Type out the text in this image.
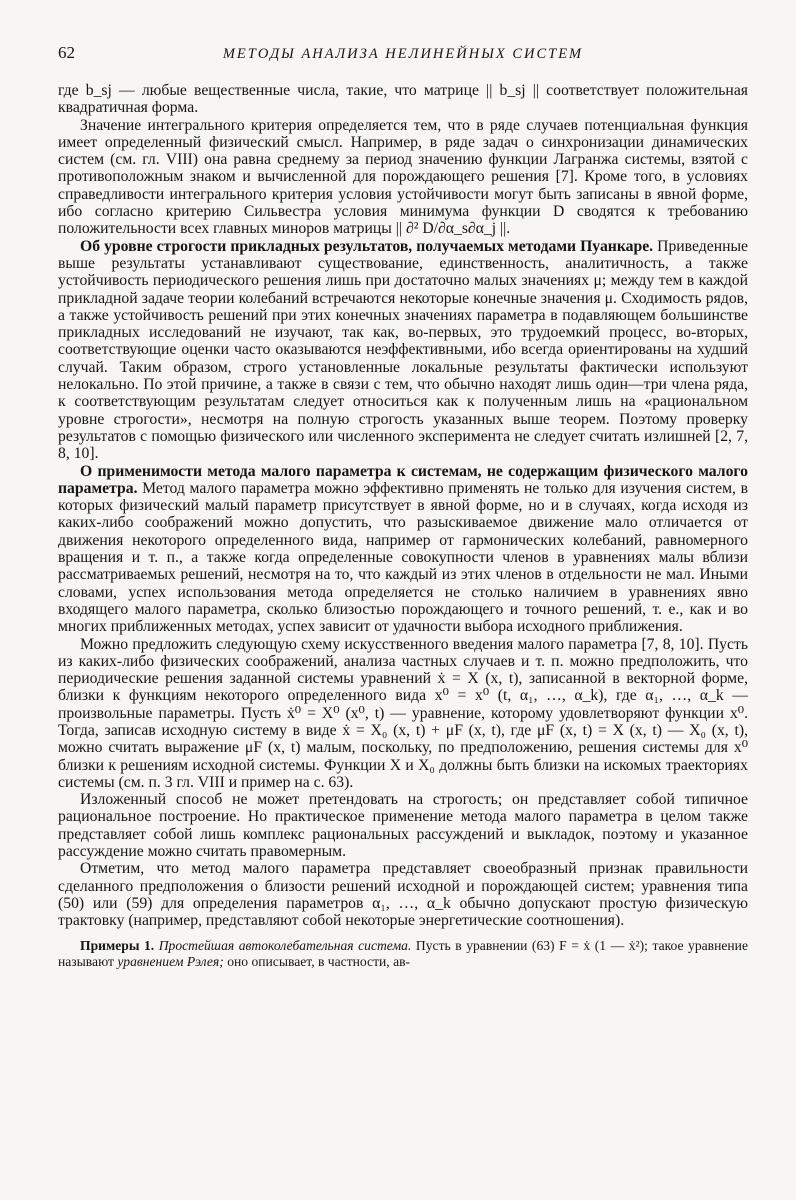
62	МЕТОДЫ АНАЛИЗА НЕЛИНЕЙНЫХ СИСТЕМ

где b_sj — любые вещественные числа, такие, что матрице || b_sj || соответствует положительная квадратичная форма.

Значение интегрального критерия определяется тем, что в ряде случаев потенциальная функция имеет определенный физический смысл. Например, в ряде задач о синхронизации динамических систем (см. гл. VIII) она равна среднему за период значению функции Лагранжа системы, взятой с противоположным знаком и вычисленной для порождающего решения [7]. Кроме того, в условиях справедливости интегрального критерия условия устойчивости могут быть записаны в явной форме, ибо согласно критерию Сильвестра условия минимума функции D сводятся к требованию положительности всех главных миноров матрицы || ∂² D/∂α_s∂α_j ||.

Об уровне строгости прикладных результатов, получаемых методами Пуанкаре. Приведенные выше результаты устанавливают существование, единственность, аналитичность, а также устойчивость периодического решения лишь при достаточно малых значениях μ; между тем в каждой прикладной задаче теории колебаний встречаются некоторые конечные значения μ. Сходимость рядов, а также устойчивость решений при этих конечных значениях параметра в подавляющем большинстве прикладных исследований не изучают, так как, во-первых, это трудоемкий процесс, во-вторых, соответствующие оценки часто оказываются неэффективными, ибо всегда ориентированы на худший случай. Таким образом, строго установленные локальные результаты фактически используют нелокально. По этой причине, а также в связи с тем, что обычно находят лишь один—три члена ряда, к соответствующим результатам следует относиться как к полученным лишь на «рациональном уровне строгости», несмотря на полную строгость указанных выше теорем. Поэтому проверку результатов с помощью физического или численного эксперимента не следует считать излишней [2, 7, 8, 10].

О применимости метода малого параметра к системам, не содержащим физического малого параметра. Метод малого параметра можно эффективно применять не только для изучения систем, в которых физический малый параметр присутствует в явной форме, но и в случаях, когда исходя из каких-либо соображений можно допустить, что разыскиваемое движение мало отличается от движения некоторого определенного вида, например от гармонических колебаний, равномерного вращения и т. п., а также когда определенные совокупности членов в уравнениях малы вблизи рассматриваемых решений, несмотря на то, что каждый из этих членов в отдельности не мал. Иными словами, успех использования метода определяется не столько наличием в уравнениях явно входящего малого параметра, сколько близостью порождающего и точного решений, т. е., как и во многих приближенных методах, успех зависит от удачности выбора исходного приближения.

Можно предложить следующую схему искусственного введения малого параметра [7, 8, 10]. Пусть из каких-либо физических соображений, анализа частных случаев и т. п. можно предположить, что периодические решения заданной системы уравнений ẋ = X (x, t), записанной в векторной форме, близки к функциям некоторого определенного вида x⁰ = x⁰ (t, α₁, …, α_k), где α₁, …, α_k — произвольные параметры. Пусть ẋ⁰ = X⁰ (x⁰, t) — уравнение, которому удовлетворяют функции x⁰. Тогда, записав исходную систему в виде ẋ = X₀ (x, t) + μF (x, t), где μF (x, t) = X (x, t) — X₀ (x, t), можно считать выражение μF (x, t) малым, поскольку, по предположению, решения системы для x⁰ близки к решениям исходной системы. Функции X и X₀ должны быть близки на искомых траекториях системы (см. п. 3 гл. VIII и пример на с. 63).

Изложенный способ не может претендовать на строгость; он представляет собой типичное рациональное построение. Но практическое применение метода малого параметра в целом также представляет собой лишь комплекс рациональных рассуждений и выкладок, поэтому и указанное рассуждение можно считать правомерным.

Отметим, что метод малого параметра представляет своеобразный признак правильности сделанного предположения о близости решений исходной и порождающей систем; уравнения типа (50) или (59) для определения параметров α₁, …, α_k обычно допускают простую физическую трактовку (например, представляют собой некоторые энергетические соотношения).

Примеры 1. Простейшая автоколебательная система. Пусть в уравнении (63) F = ẋ (1 — ẋ²); такое уравнение называют уравнением Рэлея; оно описывает, в частности, ав-
